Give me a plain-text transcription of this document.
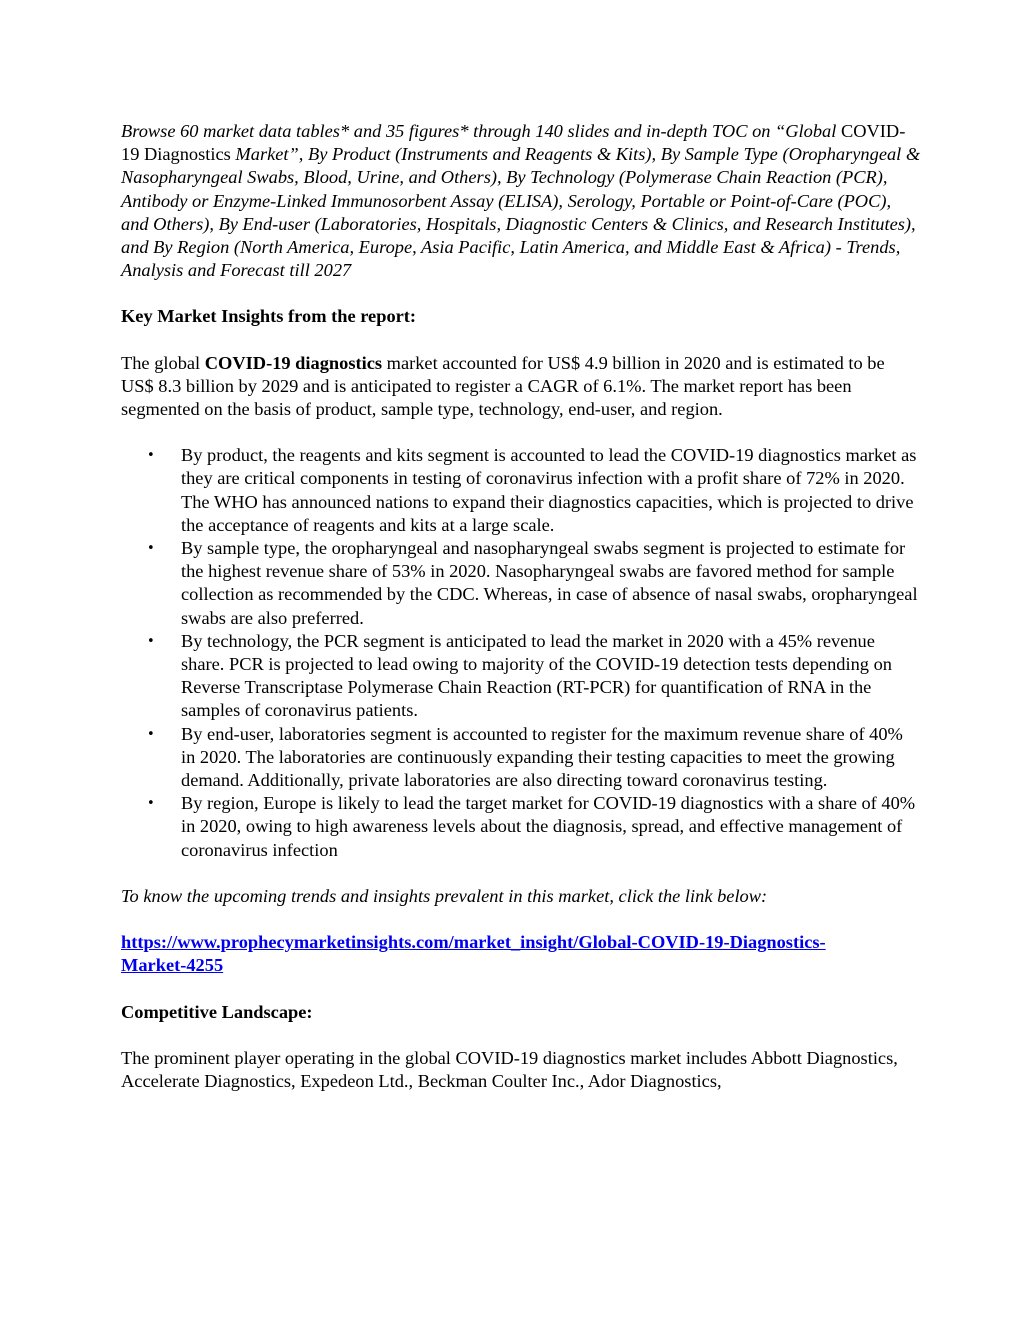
Browse 60 market data tables* and 35 figures* through 140 slides and in-depth TOC on “Global COVID-19 Diagnostics Market”, By Product (Instruments and Reagents & Kits), By Sample Type (Oropharyngeal & Nasopharyngeal Swabs, Blood, Urine, and Others), By Technology (Polymerase Chain Reaction (PCR), Antibody or Enzyme-Linked Immunosorbent Assay (ELISA), Serology, Portable or Point-of-Care (POC), and Others), By End-user (Laboratories, Hospitals, Diagnostic Centers & Clinics, and Research Institutes), and By Region (North America, Europe, Asia Pacific, Latin America, and Middle East & Africa) - Trends, Analysis and Forecast till 2027

Key Market Insights from the report:

The global COVID-19 diagnostics market accounted for US$ 4.9 billion in 2020 and is estimated to be US$ 8.3 billion by 2029 and is anticipated to register a CAGR of 6.1%. The market report has been segmented on the basis of product, sample type, technology, end-user, and region.

• By product, the reagents and kits segment is accounted to lead the COVID-19 diagnostics market as they are critical components in testing of coronavirus infection with a profit share of 72% in 2020. The WHO has announced nations to expand their diagnostics capacities, which is projected to drive the acceptance of reagents and kits at a large scale.
• By sample type, the oropharyngeal and nasopharyngeal swabs segment is projected to estimate for the highest revenue share of 53% in 2020. Nasopharyngeal swabs are favored method for sample collection as recommended by the CDC. Whereas, in case of absence of nasal swabs, oropharyngeal swabs are also preferred.
• By technology, the PCR segment is anticipated to lead the market in 2020 with a 45% revenue share. PCR is projected to lead owing to majority of the COVID-19 detection tests depending on Reverse Transcriptase Polymerase Chain Reaction (RT-PCR) for quantification of RNA in the samples of coronavirus patients.
• By end-user, laboratories segment is accounted to register for the maximum revenue share of 40% in 2020. The laboratories are continuously expanding their testing capacities to meet the growing demand. Additionally, private laboratories are also directing toward coronavirus testing.
• By region, Europe is likely to lead the target market for COVID-19 diagnostics with a share of 40% in 2020, owing to high awareness levels about the diagnosis, spread, and effective management of coronavirus infection

To know the upcoming trends and insights prevalent in this market, click the link below:

https://www.prophecymarketinsights.com/market_insight/Global-COVID-19-Diagnostics-
Market-4255

Competitive Landscape:

The prominent player operating in the global COVID-19 diagnostics market includes Abbott Diagnostics, Accelerate Diagnostics, Expedeon Ltd., Beckman Coulter Inc., Ador Diagnostics,
